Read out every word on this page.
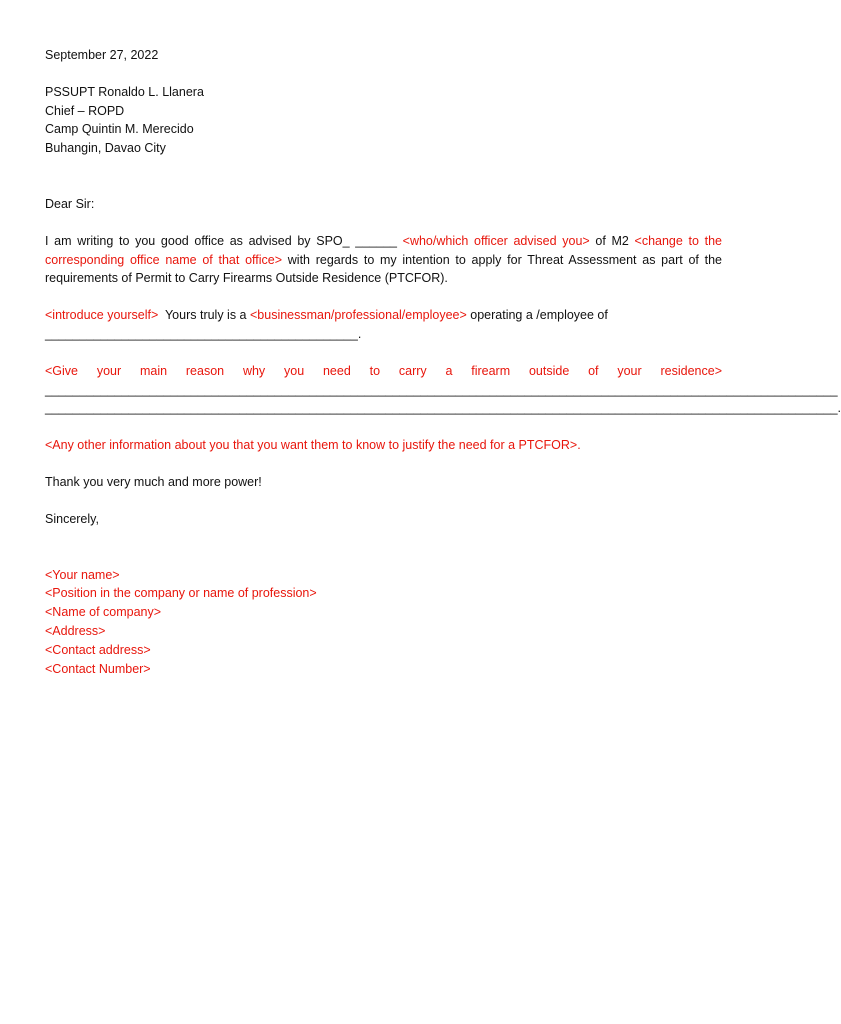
September 27, 2022

PSSUPT Ronaldo L. Llanera
Chief – ROPD
Camp Quintin M. Merecido
Buhangin, Davao City

Dear Sir:

I am writing to you good office as advised by SPO_ ______ <who/which officer advised you> of M2 <change to the corresponding office name of that office> with regards to my intention to apply for Threat Assessment as part of the requirements of Permit to Carry Firearms Outside Residence (PTCFOR).

<introduce yourself>  Yours truly is a <businessman/professional/employee> operating a /employee of
_____________________________________________.

<Give your main reason why you need to carry a firearm outside of your residence>
__________________________________________________________________________________________________________________
__________________________________________________________________________________________________________________.

<Any other information about you that you want them to know to justify the need for a PTCFOR>.

Thank you very much and more power!

Sincerely,

<Your name>
<Position in the company or name of profession>
<Name of company>
<Address>
<Contact address>
<Contact Number>
